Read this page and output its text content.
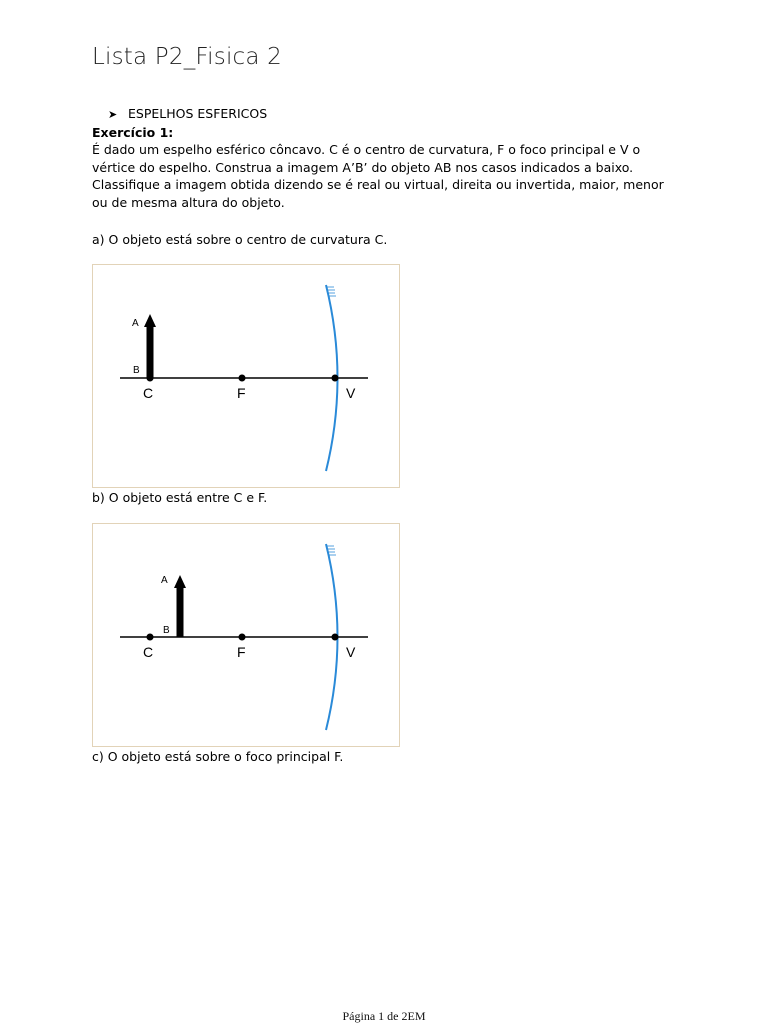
Lista P2_Fisica 2
➤ ESPELHOS ESFERICOS
Exercício 1:
É dado um espelho esférico côncavo. C é o centro de curvatura, F o foco principal e V o
vértice do espelho. Construa a imagem A’B’ do objeto AB nos casos indicados a baixo.
Classifique a imagem obtida dizendo se é real ou virtual, direita ou invertida, maior, menor
ou de mesma altura do objeto.
a) O objeto está sobre o centro de curvatura C.
A
B
C	F	V
b) O objeto está entre C e F.
A
B
C	F	V
c) O objeto está sobre o foco principal F.
Página 1 de 2EM
